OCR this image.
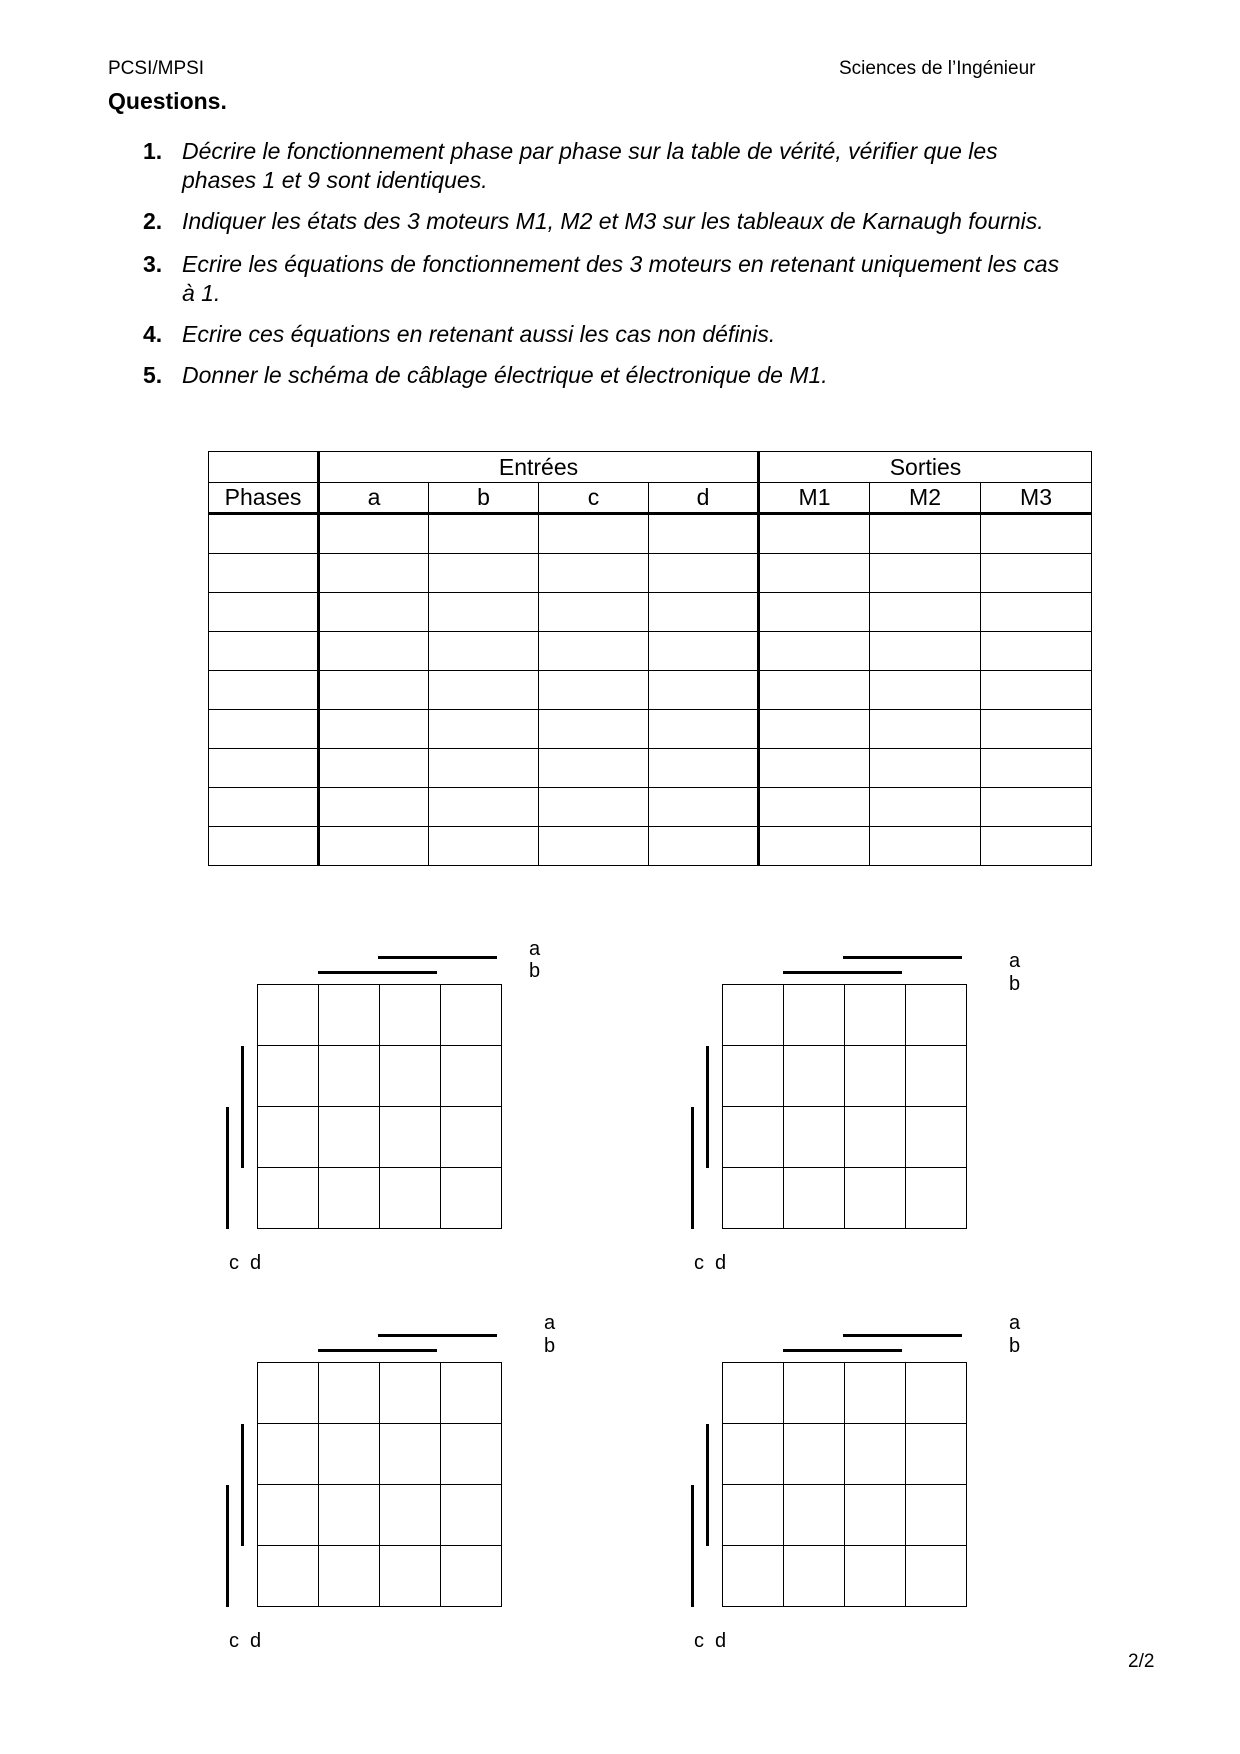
PCSI/MPSI	Sciences de l’Ingénieur
Questions.
1. Décrire le fonctionnement phase par phase sur la table de vérité, vérifier que les
phases 1 et 9 sont identiques.
2. Indiquer les états des 3 moteurs M1, M2 et M3 sur les tableaux de Karnaugh fournis.
3. Ecrire les équations de fonctionnement des 3 moteurs en retenant uniquement les cas
à 1.
4. Ecrire ces équations en retenant aussi les cas non définis.
5. Donner le schéma de câblage électrique et électronique de M1.
	Entrées				Sorties		
Phases	a	b	c	d	M1	M2	M3

a
b

c d
a
b

c d
a
b

c d
a
b

c d
2/2
